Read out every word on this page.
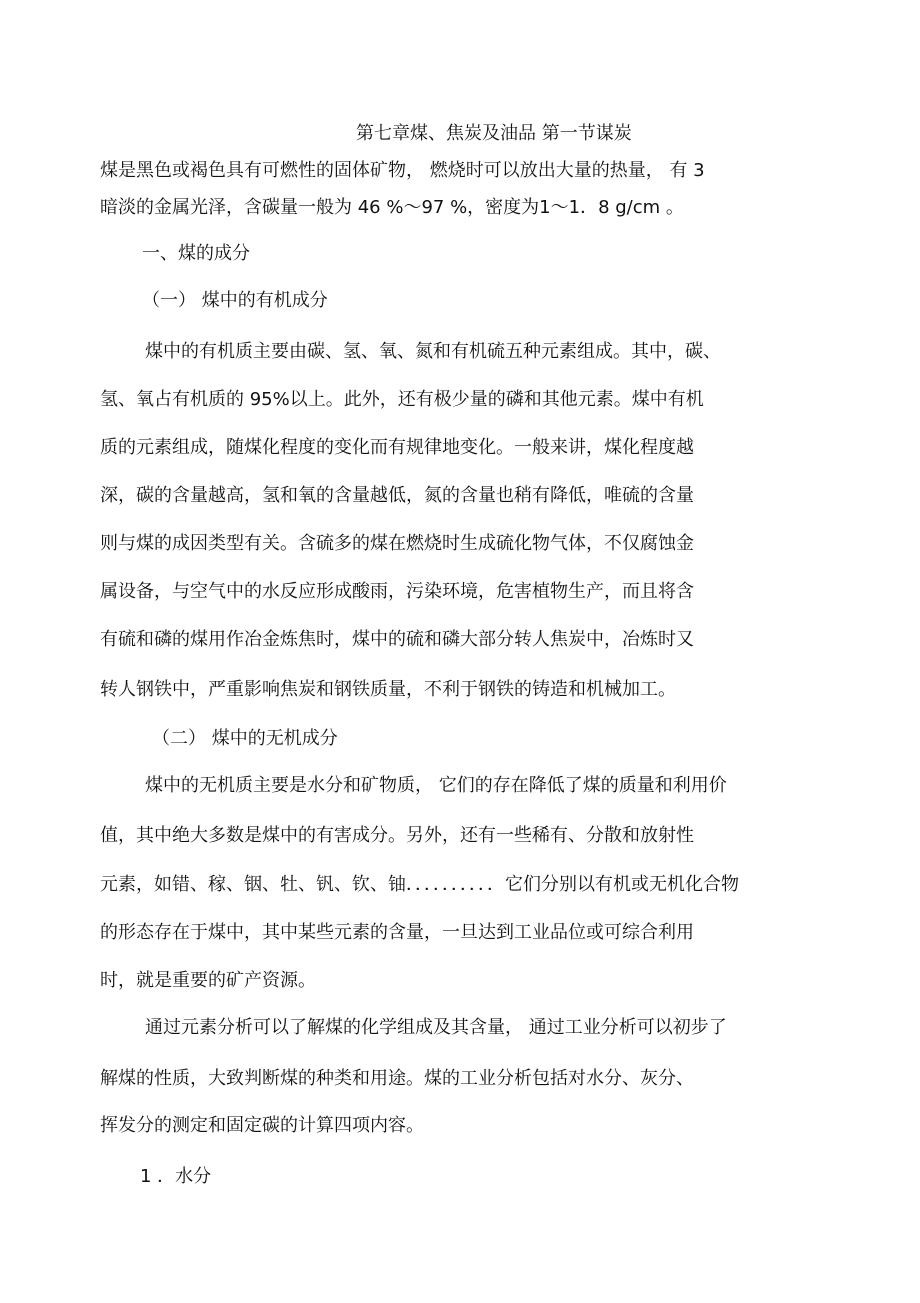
第七章煤、焦炭及油品 第一节谋炭

煤是黑色或褐色具有可燃性的固体矿物， 燃烧时可以放出大量的热量， 有 3

暗淡的金属光泽，含碳量一般为 46 %～97 %，密度为1～1．8 g/cm 。

一、煤的成分

（一） 煤中的有机成分

煤中的有机质主要由碳、氢、氧、氮和有机硫五种元素组成。其中，碳、

氢、氧占有机质的 95%以上。此外，还有极少量的磷和其他元素。煤中有机

质的元素组成，随煤化程度的变化而有规律地变化。一般来讲，煤化程度越

深，碳的含量越高，氢和氧的含量越低，氮的含量也稍有降低，唯硫的含量

则与煤的成因类型有关。含硫多的煤在燃烧时生成硫化物气体，不仅腐蚀金

属设备，与空气中的水反应形成酸雨，污染环境，危害植物生产，而且将含

有硫和磷的煤用作冶金炼焦时，煤中的硫和磷大部分转人焦炭中，冶炼时又

转人钢铁中，严重影响焦炭和钢铁质量，不利于钢铁的铸造和机械加工。

（二） 煤中的无机成分

煤中的无机质主要是水分和矿物质， 它们的存在降低了煤的质量和利用价

值，其中绝大多数是煤中的有害成分。另外，还有一些稀有、分散和放射性

元素，如错、稼、铟、牡、钒、钦、铀．．．．．．．．．．它们分别以有机或无机化合物

的形态存在于煤中，其中某些元素的含量，一旦达到工业品位或可综合利用

时，就是重要的矿产资源。

通过元素分析可以了解煤的化学组成及其含量， 通过工业分析可以初步了

解煤的性质，大致判断煤的种类和用途。煤的工业分析包括对水分、灰分、

挥发分的测定和固定碳的计算四项内容。

1 ．水分
